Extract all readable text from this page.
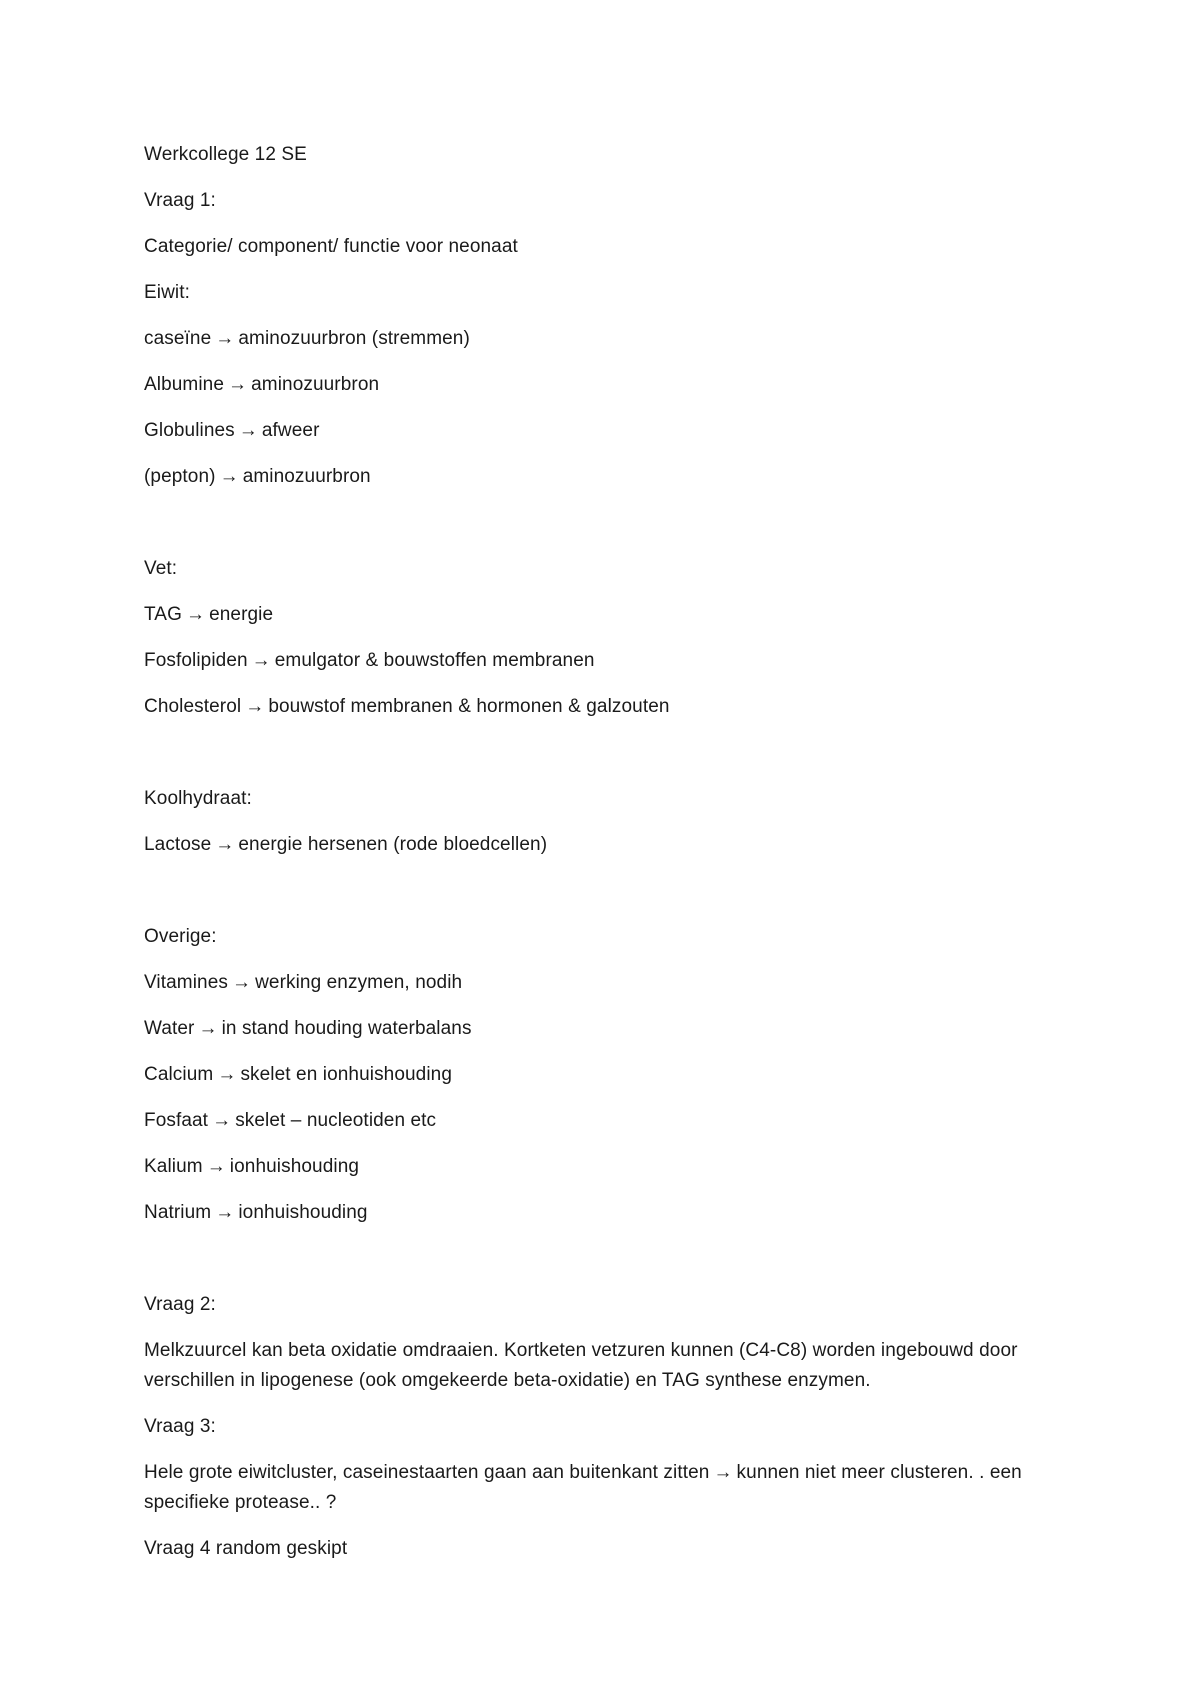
Werkcollege 12 SE
Vraag 1:
Categorie/ component/ functie voor neonaat
Eiwit:
caseïne → aminozuurbron (stremmen)
Albumine → aminozuurbron
Globulines → afweer
(pepton) → aminozuurbron
Vet:
TAG → energie
Fosfolipiden → emulgator & bouwstoffen membranen
Cholesterol → bouwstof membranen & hormonen & galzouten
Koolhydraat:
Lactose → energie hersenen (rode bloedcellen)
Overige:
Vitamines → werking enzymen, nodih
Water → in stand houding waterbalans
Calcium → skelet en ionhuishouding
Fosfaat → skelet – nucleotiden etc
Kalium → ionhuishouding
Natrium → ionhuishouding
Vraag 2:
Melkzuurcel kan beta oxidatie omdraaien. Kortketen vetzuren kunnen (C4-C8) worden ingebouwd door verschillen in lipogenese (ook omgekeerde beta-oxidatie) en TAG synthese enzymen.
Vraag 3:
Hele grote eiwitcluster, caseinestaarten gaan aan buitenkant zitten → kunnen niet meer clusteren. . een specifieke protease.. ?
Vraag 4 random geskipt
